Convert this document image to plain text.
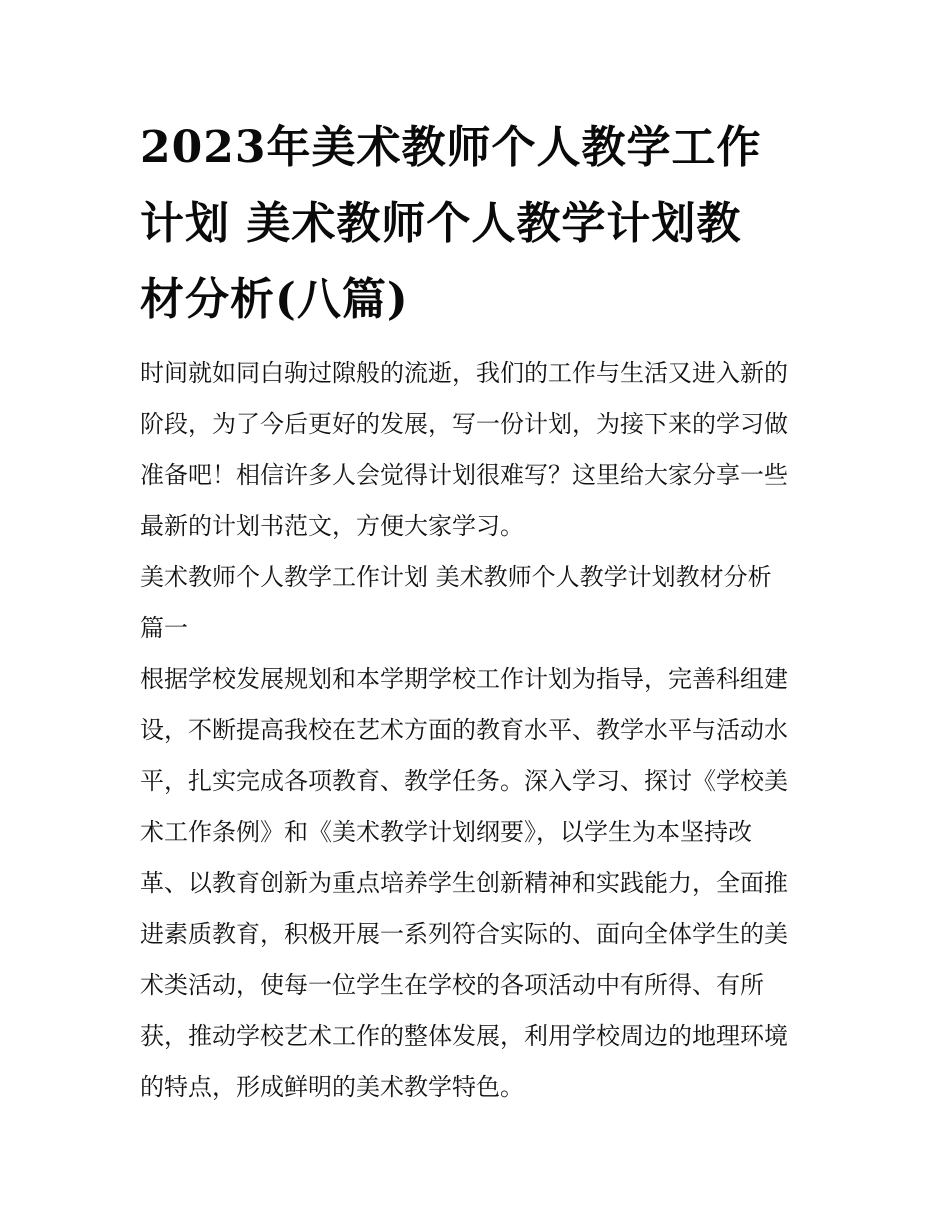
2023年美术教师个人教学工作
计划 美术教师个人教学计划教
材分析(八篇)

时间就如同白驹过隙般的流逝，我们的工作与生活又进入新的
阶段，为了今后更好的发展，写一份计划，为接下来的学习做
准备吧！相信许多人会觉得计划很难写？这里给大家分享一些
最新的计划书范文，方便大家学习。

美术教师个人教学工作计划 美术教师个人教学计划教材分析
篇一

根据学校发展规划和本学期学校工作计划为指导，完善科组建
设，不断提高我校在艺术方面的教育水平、教学水平与活动水
平，扎实完成各项教育、教学任务。深入学习、探讨《学校美
术工作条例》和《美术教学计划纲要》，以学生为本坚持改
革、以教育创新为重点培养学生创新精神和实践能力，全面推
进素质教育，积极开展一系列符合实际的、面向全体学生的美
术类活动，使每一位学生在学校的各项活动中有所得、有所
获，推动学校艺术工作的整体发展，利用学校周边的地理环境
的特点，形成鲜明的美术教学特色。
